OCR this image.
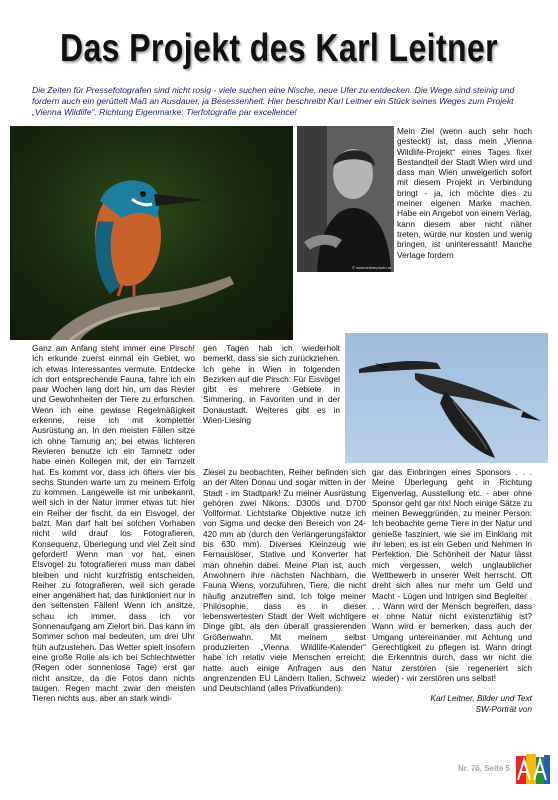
Das Projekt des Karl Leitner
Die Zeiten für Pressefotografen sind nicht rosig - viele suchen eine Nische, neue Ufer zu entdecken. Die Wege sind steinig und fordern auch ein gerüttelt Maß an Ausdauer, ja Besessenheit. Hier beschreibt Karl Leitner ein Stück seines Weges zum Projekt „Vienna Wildlife“, Richtung Eigenmarke: Tierfotografie par excellence!
© www.leitnerphoto.at
Mein Ziel (wenn auch sehr hoch gesteckt) ist, dass mein „Vienna Wildlife-Projekt“ eines Tages fixer Bestandteil der Stadt Wien wird und dass man Wien unweigerlich sofort mit diesem Projekt in Verbindung bringt - ja, ich möchte dies zu meiner eigenen Marke machen. Habe ein Angebot von einem Verlag, kann diesem aber nicht näher treten, würde nur kosten und wenig bringen, ist uninteressant! Manche Verlage fordern
Ganz am Anfang steht immer eine Pirsch! Ich erkunde zuerst einmal ein Gebiet, wo ich etwas Interessantes vermute. Entdecke ich dort entsprechende Fauna, fahre ich ein paar Wochen lang dort hin, um das Revier und Gewohnheiten der Tiere zu erforschen. Wenn ich eine gewisse Regelmäßigkeit erkenne, reise ich mit kompletter Ausrüstung an. In den meisten Fällen sitze ich ohne Tarnung an; bei etwas lichteren Revieren benutze ich ein Tarnnetz oder habe einen Kollegen mit, der ein Tarnzelt hat. Es kommt vor, dass ich öfters vier bis sechs Stunden warte um zu meinem Erfolg zu kommen. Langeweile ist mir unbekannt, weil sich in der Natur immer etwas tut: hier ein Reiher der fischt, da ein Eisvogel, der balzt. Man darf halt bei solchen Vorhaben nicht wild drauf los Fotografieren, Konsequenz, Überlegung und viel Zeit sind gefordert! Wenn man vor hat, einen Eisvogel zu fotografieren muss man dabei bleiben und nicht kurzfristig entscheiden, Reiher zu fotografieren, weil sich gerade einer angenähert hat, das funktioniert nur in den seltensten Fällen! Wenn ich ansitze, schau ich immer, dass ich vor Sonnenaufgang am Zielort bin. Das kann im Sommer schon mal bedeuten, um drei Uhr früh aufzustehen. Das Wetter spielt insofern eine große Rolle als ich bei Schlechtwetter (Regen oder sonnenlose Tage) erst gar nicht ansitze, da die Fotos dann nichts taugen. Regen macht zwar den meisten Tieren nichts aus, aber an stark windi-
gen Tagen hab ich wiederholt bemerkt, dass sie sich zurückziehen. Ich gehe in Wien in folgenden Bezirken auf die Pirsch: Für Eisvögel gibt es mehrere Gebiete in Simmering, in Favoriten und in der Donaustadt. Weiteres gibt es in Wien-Liesing
Ziesel zu beobachten, Reiher befinden sich an der Alten Donau und sogar mitten in der Stadt - im Stadtpark! Zu meiner Ausrüstung gehören zwei Nikons: D300s und D700 Vollformat. Lichtstarke Objektive nutze ich von Sigma und decke den Bereich von 24-420 mm ab (durch den Verlängerungsfaktor bis 630 mm). Diverses Kleinzeug wie Fernauslöser, Stative und Konverter hat man ohnehin dabei. Meine Plan ist, auch Anwohnern ihre nächsten Nachbarn, die Fauna Wiens, vorzuführen, Tiere, die nicht häufig anzutreffen sind. Ich folge meiner Philosophie, dass es in dieser lebenswertesten Stadt der Welt wichtigere Dinge gibt, als den überall grassierenden Größenwahn. Mit meinem selbst produzierten „Vienna Wildlife-Kalender“ habe ich relativ viele Menschen erreicht; hatte auch einige Anfragen aus den angrenzenden EU Ländern Italien, Schweiz und Deutschland (alles Privatkunden).

gar das Einbringen eines Sponsors . . . Meine Überlegung geht in Richtung Eigenverlag, Ausstellung etc. - aber ohne Sponsor geht gar nix! Noch einige Sätze zu meinen Beweggründen, zu meiner Person: Ich beobachte gerne Tiere in der Natur und genieße fasziniert, wie sie im Einklang mit ihr leben; es ist ein Geben und Nehmen in Perfektion. Die Schönheit der Natur lässt mich vergessen, welch unglaublicher Wettbewerb in unserer Welt herrscht. Oft dreht sich alles nur mehr um Geld und Macht - Lügen und Intrigen sind Begleiter . . . Wann wird der Mensch begreifen, dass er ohne Natur nicht existenzfähig ist? Wann wird er bemerken, dass auch der Umgang untereinander mit Achtung und Gerechtigkeit zu pflegen ist. Wann dringt die Erkenntnis durch, dass wir nicht die Natur zerstören (sie regeneriert sich wieder) - wir zerstören uns selbst!

Karl Leitner, Bilder und Text

SW-Porträt von

Nr. 76, Seite 5
